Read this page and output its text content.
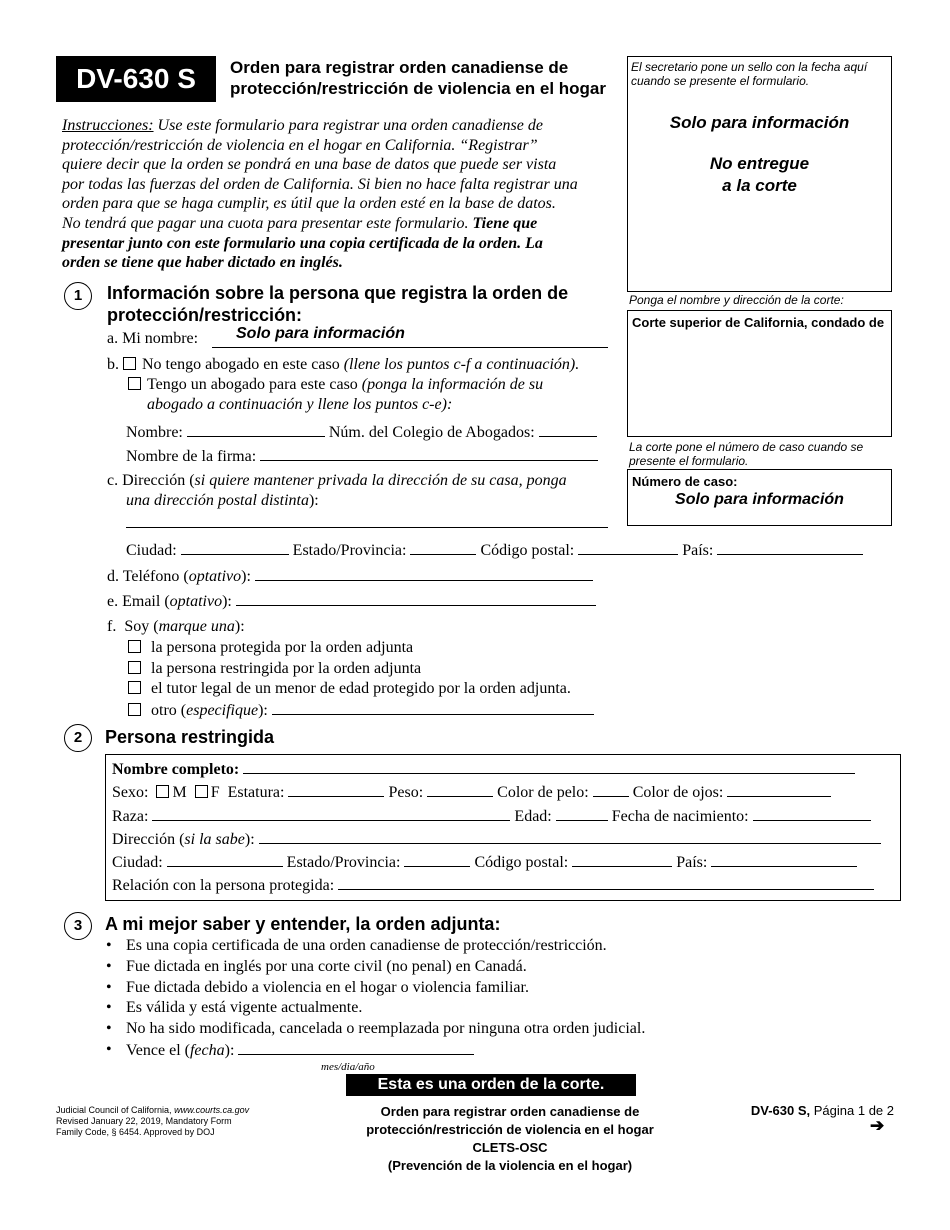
DV-630 S	Orden para registrar orden canadiense de
protección/restricción de violencia en el hogar
El secretario pone un sello con la fecha aquí
cuando se presente el formulario.
Solo para información
No entregue
a la corte
Ponga el nombre y dirección de la corte:
Corte superior de California, condado de
La corte pone el número de caso cuando se
presente el formulario.
Número de caso:
Solo para información
Instrucciones: Use este formulario para registrar una orden canadiense de
protección/restricción de violencia en el hogar en California. “Registrar”
quiere decir que la orden se pondrá en una base de datos que puede ser vista
por todas las fuerzas del orden de California. Si bien no hace falta registrar una
orden para que se haga cumplir, es útil que la orden esté en la base de datos.
No tendrá que pagar una cuota para presentar este formulario. Tiene que
presentar junto con este formulario una copia certificada de la orden. La
orden se tiene que haber dictado en inglés.
1	Información sobre la persona que registra la orden de
protección/restricción:
a. Mi nombre: Solo para información
b. No tengo abogado en este caso (llene los puntos c-f a continuación).
Tengo un abogado para este caso (ponga la información de su
abogado a continuación y llene los puntos c-e):
Nombre:	Núm. del Colegio de Abogados:
Nombre de la firma:
c. Dirección (si quiere mantener privada la dirección de su casa, ponga
una dirección postal distinta):
Ciudad:	Estado/Provincia:	Código postal:	País:
d. Teléfono (optativo):
e. Email (optativo):
f. Soy (marque una):
la persona protegida por la orden adjunta
la persona restringida por la orden adjunta
el tutor legal de un menor de edad protegido por la orden adjunta.
otro (especifique):
2	Persona restringida
Nombre completo:
Sexo: M F Estatura:	Peso:	Color de pelo:	Color de ojos:
Raza:	Edad:	Fecha de nacimiento:
Dirección (si la sabe):
Ciudad:	Estado/Provincia:	Código postal:	País:
Relación con la persona protegida:
3	A mi mejor saber y entender, la orden adjunta:
• Es una copia certificada de una orden canadiense de protección/restricción.
• Fue dictada en inglés por una corte civil (no penal) en Canadá.
• Fue dictada debido a violencia en el hogar o violencia familiar.
• Es válida y está vigente actualmente.
• No ha sido modificada, cancelada o reemplazada por ninguna otra orden judicial.
• Vence el (fecha):
mes/dia/año
Esta es una orden de la corte.
Judicial Council of California, www.courts.ca.gov
Revised January 22, 2019, Mandatory Form
Family Code, § 6454. Approved by DOJ
Orden para registrar orden canadiense de
protección/restricción de violencia en el hogar
CLETS-OSC
(Prevención de la violencia en el hogar)
DV-630 S, Página 1 de 2
➔
